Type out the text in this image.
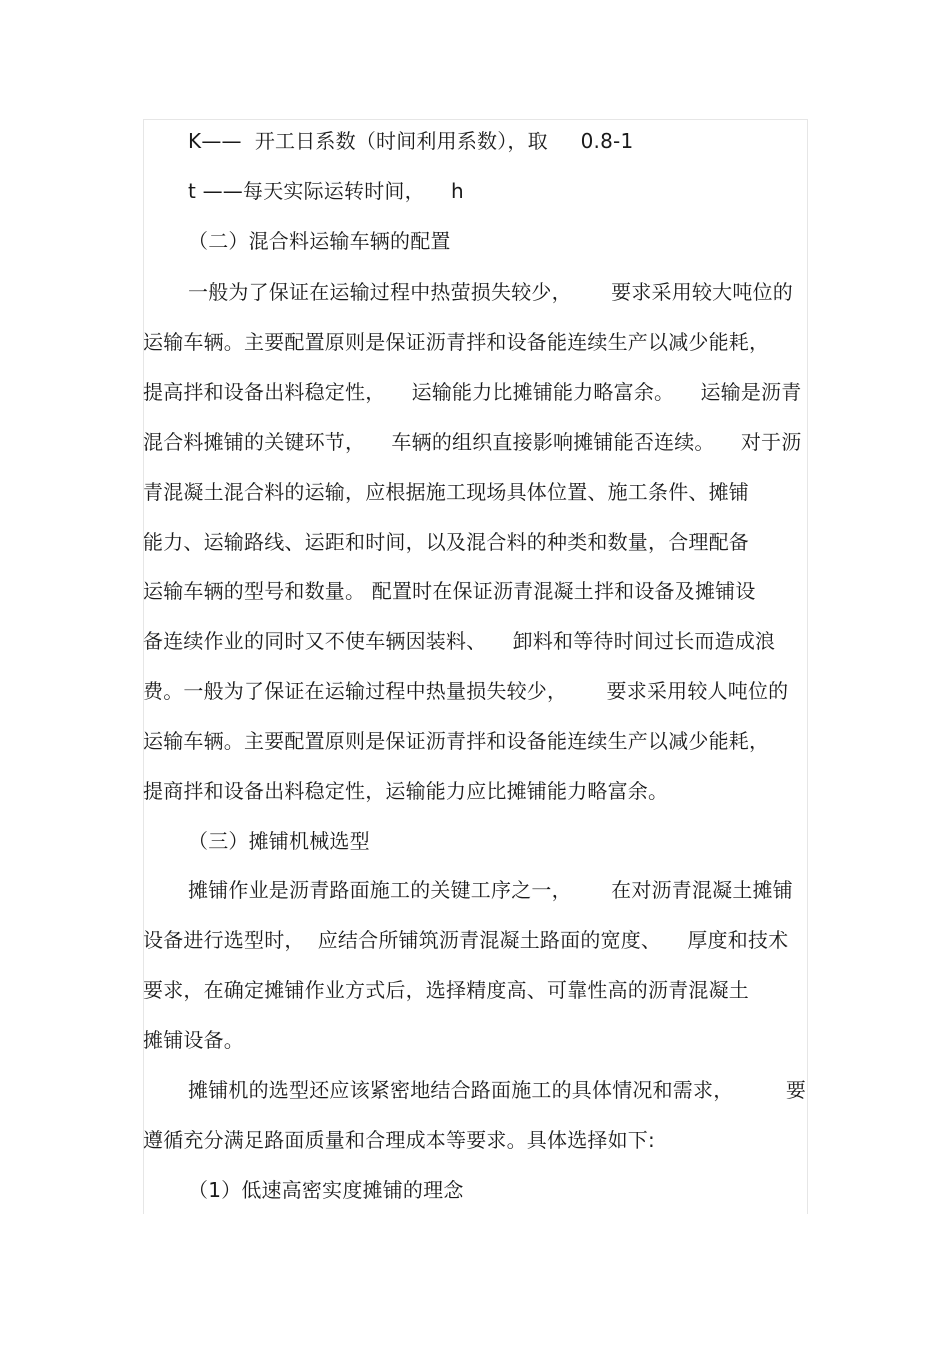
K——  开工日系数（时间利用系数），取     0.8-1
t ——每天实际运转时间，    h
（二）混合料运输车辆的配置
一般为了保证在运输过程中热萤损失较少，      要求采用较大吨位的
运输车辆。主要配置原则是保证沥青拌和设备能连续生产以减少能耗，
提高拌和设备出料稳定性，    运输能力比摊铺能力略富余。    运输是沥青
混合料摊铺的关键环节，    车辆的组织直接影响摊铺能否连续。    对于沥
青混凝土混合料的运输，应根据施工现场具体位置、施工条件、摊铺
能力、运输路线、运距和时间，以及混合料的种类和数量，合理配备
运输车辆的型号和数量。 配置时在保证沥青混凝土拌和设备及摊铺设
备连续作业的同时又不使车辆因装料、    卸料和等待时间过长而造成浪
费。一般为了保证在运输过程中热量损失较少，      要求采用较人吨位的
运输车辆。主要配置原则是保证沥青拌和设备能连续生产以减少能耗，
提商拌和设备出料稳定性，运输能力应比摊铺能力略富余。
（三）摊铺机械选型
摊铺作业是沥青路面施工的关键工序之一，      在对沥青混凝土摊铺
设备进行选型时，  应结合所铺筑沥青混凝土路面的宽度、    厚度和技术
要求，在确定摊铺作业方式后，选择精度高、可靠性高的沥青混凝土
摊铺设备。
摊铺机的选型还应该紧密地结合路面施工的具体情况和需求，        要
遵循充分满足路面质量和合理成本等要求。具体选择如下:
（1）低速高密实度摊铺的理念
